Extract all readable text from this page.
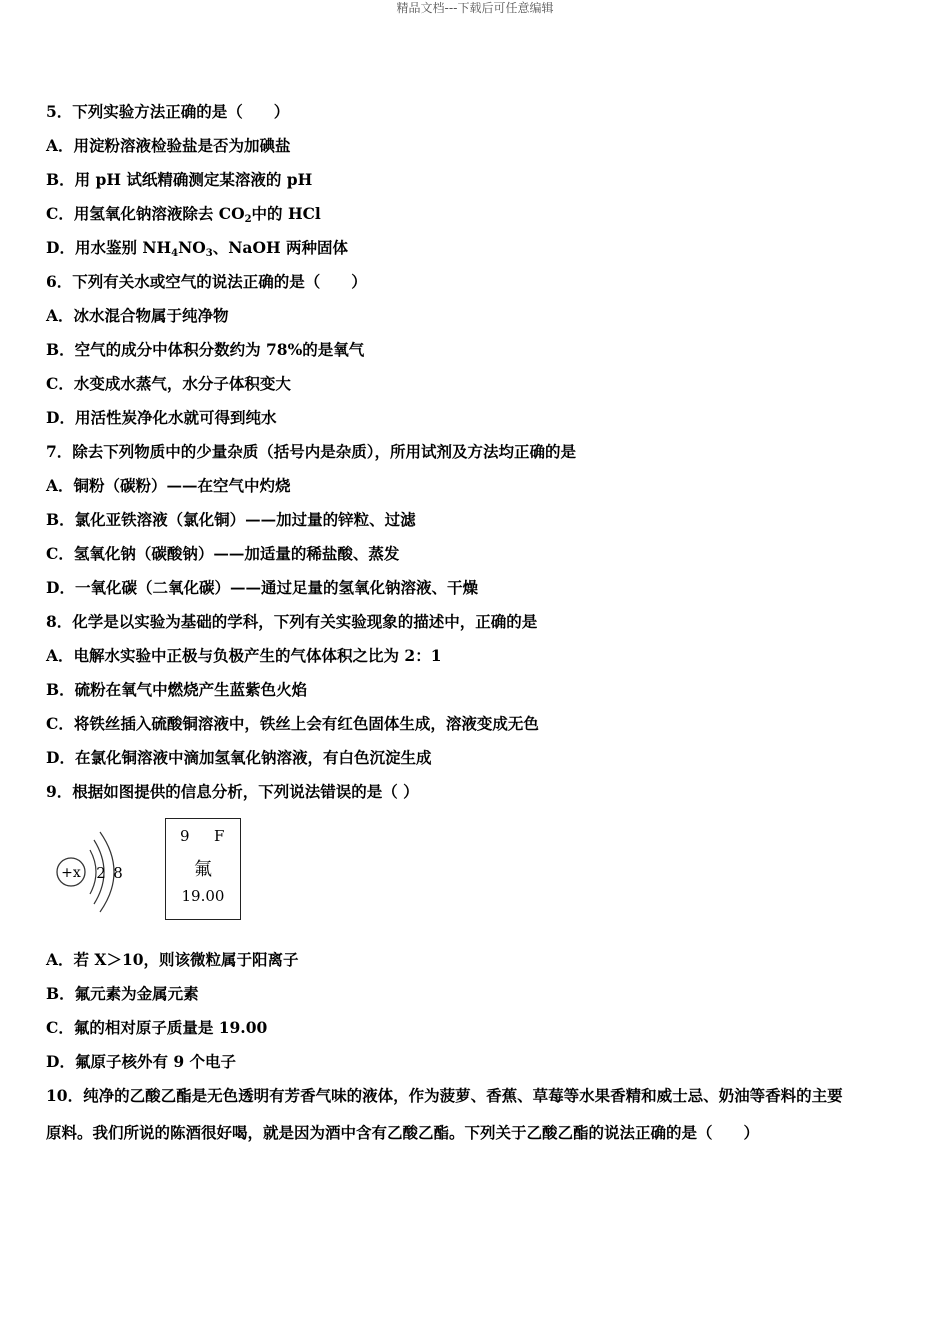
精品文档---下载后可任意编辑
5．下列实验方法正确的是（　　）
A．用淀粉溶液检验盐是否为加碘盐
B．用 pH 试纸精确测定某溶液的 pH
C．用氢氧化钠溶液除去 $CO_2$中的 HCl
D．用水鉴别 $NH_4NO_3$、NaOH 两种固体
6．下列有关水或空气的说法正确的是（　　）
A．冰水混合物属于纯净物
B．空气的成分中体积分数约为 78%的是氧气
C．水变成水蒸气，水分子体积变大
D．用活性炭净化水就可得到纯水
7．除去下列物质中的少量杂质（括号内是杂质），所用试剂及方法均正确的是
A．铜粉（碳粉）——在空气中灼烧
B．氯化亚铁溶液（氯化铜）——加过量的锌粒、过滤
C．氢氧化钠（碳酸钠）——加适量的稀盐酸、蒸发
D．一氧化碳（二氧化碳）——通过足量的氢氧化钠溶液、干燥
8．化学是以实验为基础的学科，下列有关实验现象的描述中，正确的是
A．电解水实验中正极与负极产生的气体体积之比为 2：1
B．硫粉在氧气中燃烧产生蓝紫色火焰
C．将铁丝插入硫酸铜溶液中，铁丝上会有红色固体生成，溶液变成无色
D．在氯化铜溶液中滴加氢氧化钠溶液，有白色沉淀生成
9．根据如图提供的信息分析，下列说法错误的是（ ）
+x 2 8
9 F
氟
19.00
A．若 X＞10，则该微粒属于阳离子
B．氟元素为金属元素
C．氟的相对原子质量是 19.00
D．氟原子核外有 9 个电子
10．纯净的乙酸乙酯是无色透明有芳香气味的液体，作为菠萝、香蕉、草莓等水果香精和威士忌、奶油等香料的主要
原料。我们所说的陈酒很好喝，就是因为酒中含有乙酸乙酯。下列关于乙酸乙酯的说法正确的是（　　）
